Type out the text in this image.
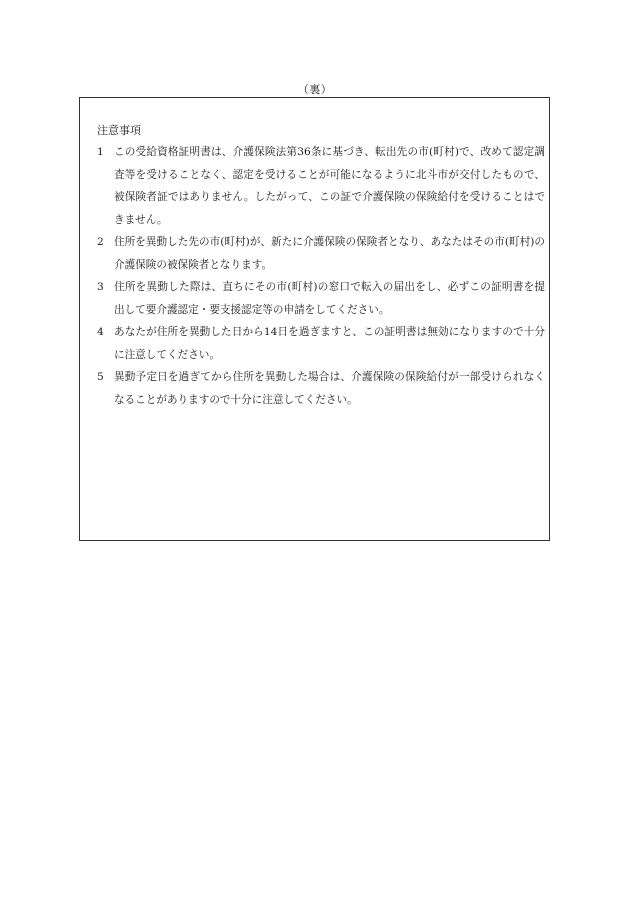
（裏）
注意事項
1 この受給資格証明書は、介護保険法第36条に基づき、転出先の市(町村)で、改めて認定調査等を受けることなく、認定を受けることが可能になるように北斗市が交付したもので、被保険者証ではありません。したがって、この証で介護保険の保険給付を受けることはできません。
2 住所を異動した先の市(町村)が、新たに介護保険の保険者となり、あなたはその市(町村)の介護保険の被保険者となります。
3 住所を異動した際は、直ちにその市(町村)の窓口で転入の届出をし、必ずこの証明書を提出して要介護認定・要支援認定等の申請をしてください。
4 あなたが住所を異動した日から14日を過ぎますと、この証明書は無効になりますので十分に注意してください。
5 異動予定日を過ぎてから住所を異動した場合は、介護保険の保険給付が一部受けられなくなることがありますので十分に注意してください。
